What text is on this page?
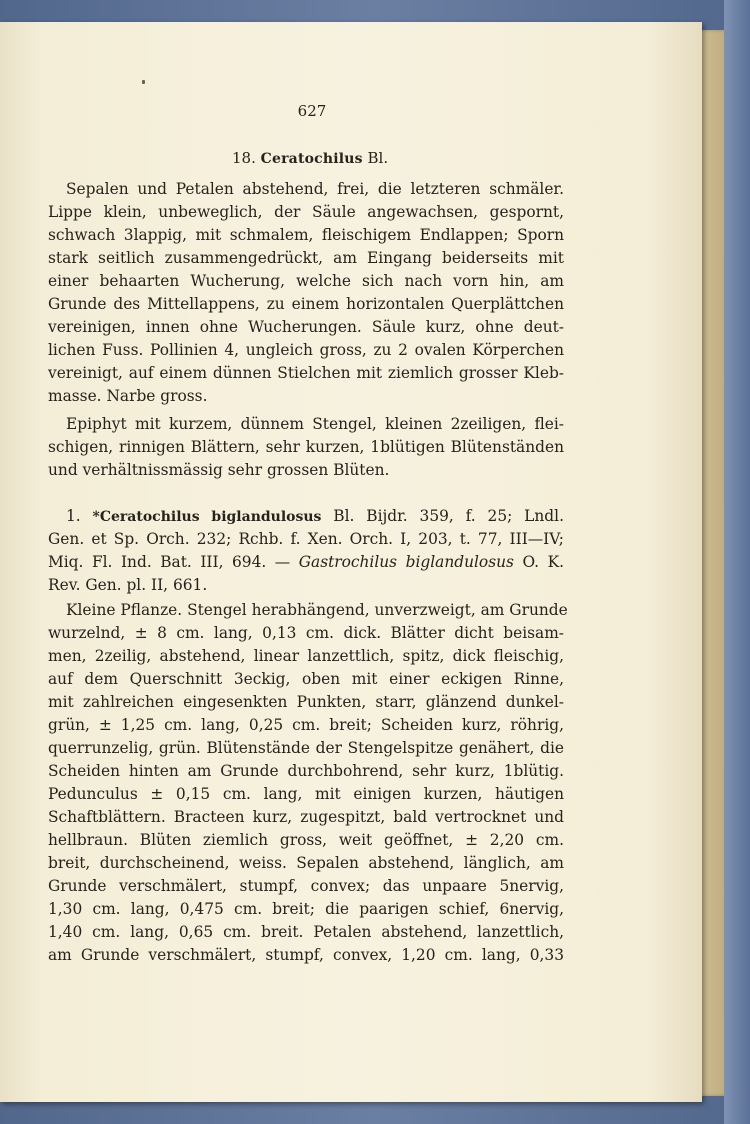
627
18. Ceratochilus Bl.
Sepalen und Petalen abstehend, frei, die letzteren schmäler.
Lippe klein, unbeweglich, der Säule angewachsen, gespornt,
schwach 3lappig, mit schmalem, fleischigem Endlappen; Sporn
stark seitlich zusammengedrückt, am Eingang beiderseits mit
einer behaarten Wucherung, welche sich nach vorn hin, am
Grunde des Mittellappens, zu einem horizontalen Querplättchen
vereinigen, innen ohne Wucherungen. Säule kurz, ohne deut-
lichen Fuss. Pollinien 4, ungleich gross, zu 2 ovalen Körperchen
vereinigt, auf einem dünnen Stielchen mit ziemlich grosser Kleb-
masse. Narbe gross.
Epiphyt mit kurzem, dünnem Stengel, kleinen 2zeiligen, flei-
schigen, rinnigen Blättern, sehr kurzen, 1blütigen Blütenständen
und verhältnissmässig sehr grossen Blüten.
1. *Ceratochilus biglandulosus Bl. Bijdr. 359, f. 25; Lndl.
Gen. et Sp. Orch. 232; Rchb. f. Xen. Orch. I, 203, t. 77, III—IV;
Miq. Fl. Ind. Bat. III, 694. — Gastrochilus biglandulosus O. K.
Rev. Gen. pl. II, 661.
Kleine Pflanze. Stengel herabhängend, unverzweigt, am Grunde
wurzelnd, ± 8 cm. lang, 0,13 cm. dick. Blätter dicht beisam-
men, 2zeilig, abstehend, linear lanzettlich, spitz, dick fleischig,
auf dem Querschnitt 3eckig, oben mit einer eckigen Rinne,
mit zahlreichen eingesenkten Punkten, starr, glänzend dunkel-
grün, ± 1,25 cm. lang, 0,25 cm. breit; Scheiden kurz, röhrig,
querrunzelig, grün. Blütenstände der Stengelspitze genähert, die
Scheiden hinten am Grunde durchbohrend, sehr kurz, 1blütig.
Pedunculus ± 0,15 cm. lang, mit einigen kurzen, häutigen
Schaftblättern. Bracteen kurz, zugespitzt, bald vertrocknet und
hellbraun. Blüten ziemlich gross, weit geöffnet, ± 2,20 cm.
breit, durchscheinend, weiss. Sepalen abstehend, länglich, am
Grunde verschmälert, stumpf, convex; das unpaare 5nervig,
1,30 cm. lang, 0,475 cm. breit; die paarigen schief, 6nervig,
1,40 cm. lang, 0,65 cm. breit. Petalen abstehend, lanzettlich,
am Grunde verschmälert, stumpf, convex, 1,20 cm. lang, 0,33
